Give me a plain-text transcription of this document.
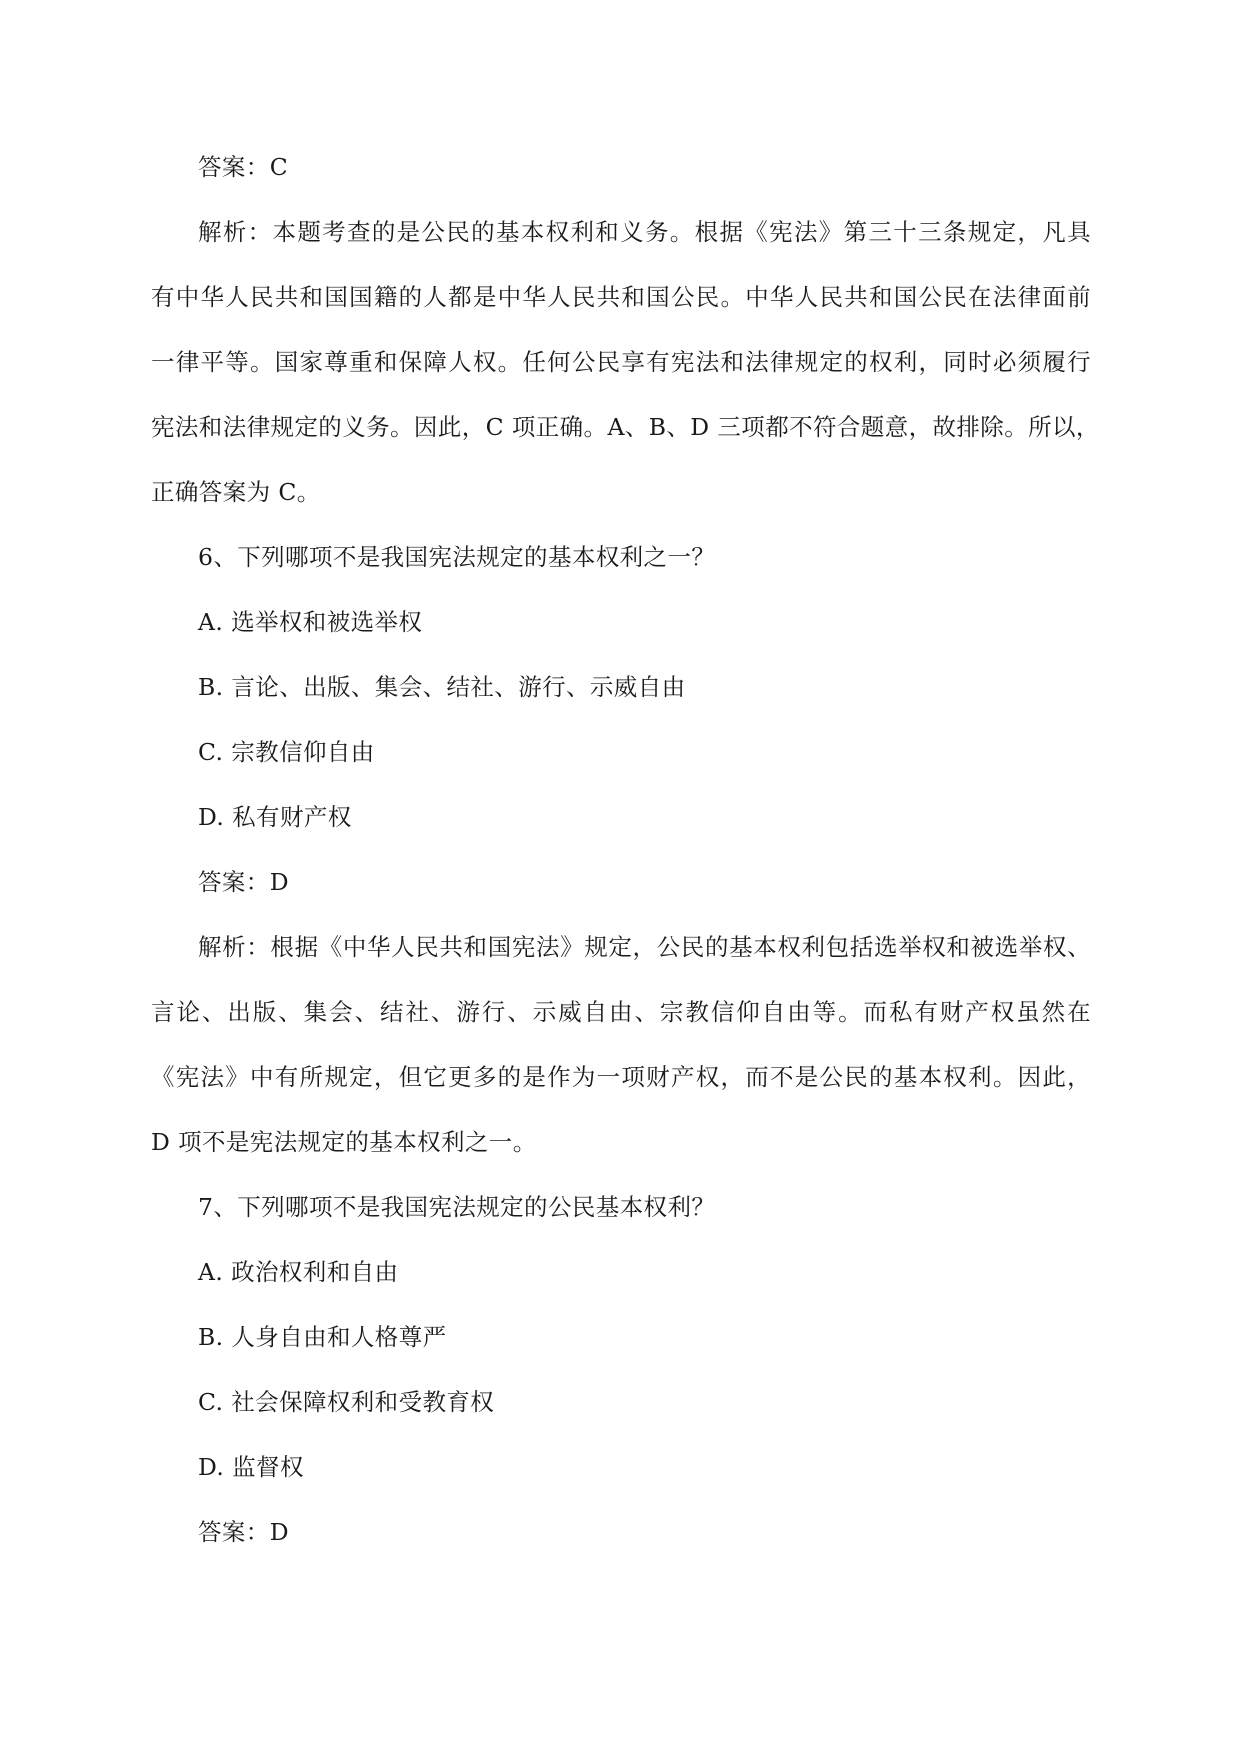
答案：C
解析：本题考查的是公民的基本权利和义务。根据《宪法》第三十三条规定，凡具
有中华人民共和国国籍的人都是中华人民共和国公民。中华人民共和国公民在法律面前
一律平等。国家尊重和保障人权。任何公民享有宪法和法律规定的权利，同时必须履行
宪法和法律规定的义务。因此，C 项正确。A、B、D 三项都不符合题意，故排除。所以，
正确答案为 C。
6、下列哪项不是我国宪法规定的基本权利之一？
A. 选举权和被选举权
B. 言论、出版、集会、结社、游行、示威自由
C. 宗教信仰自由
D. 私有财产权
答案：D
解析：根据《中华人民共和国宪法》规定，公民的基本权利包括选举权和被选举权、
言论、出版、集会、结社、游行、示威自由、宗教信仰自由等。而私有财产权虽然在
《宪法》中有所规定，但它更多的是作为一项财产权，而不是公民的基本权利。因此，
D 项不是宪法规定的基本权利之一。
7、下列哪项不是我国宪法规定的公民基本权利？
A. 政治权利和自由
B. 人身自由和人格尊严
C. 社会保障权利和受教育权
D. 监督权
答案：D
